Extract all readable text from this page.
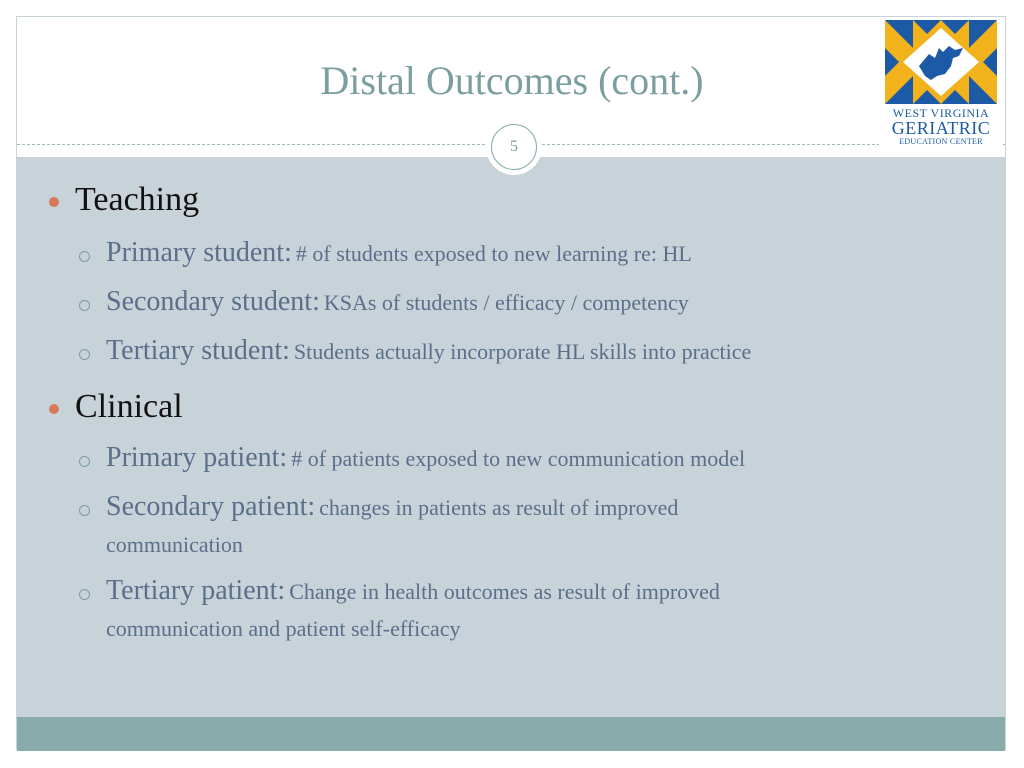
Distal Outcomes (cont.)
WEST VIRGINIA
GERIATRIC
EDUCATION CENTER
5
Teaching
Primary student: # of students exposed to new learning re: HL
Secondary student: KSAs of students / efficacy / competency
Tertiary student: Students actually incorporate HL skills into practice
Clinical
Primary patient: # of patients exposed to new communication model
Secondary patient: changes in patients as result of improved
communication
Tertiary patient: Change in health outcomes as result of improved
communication and patient self-efficacy
